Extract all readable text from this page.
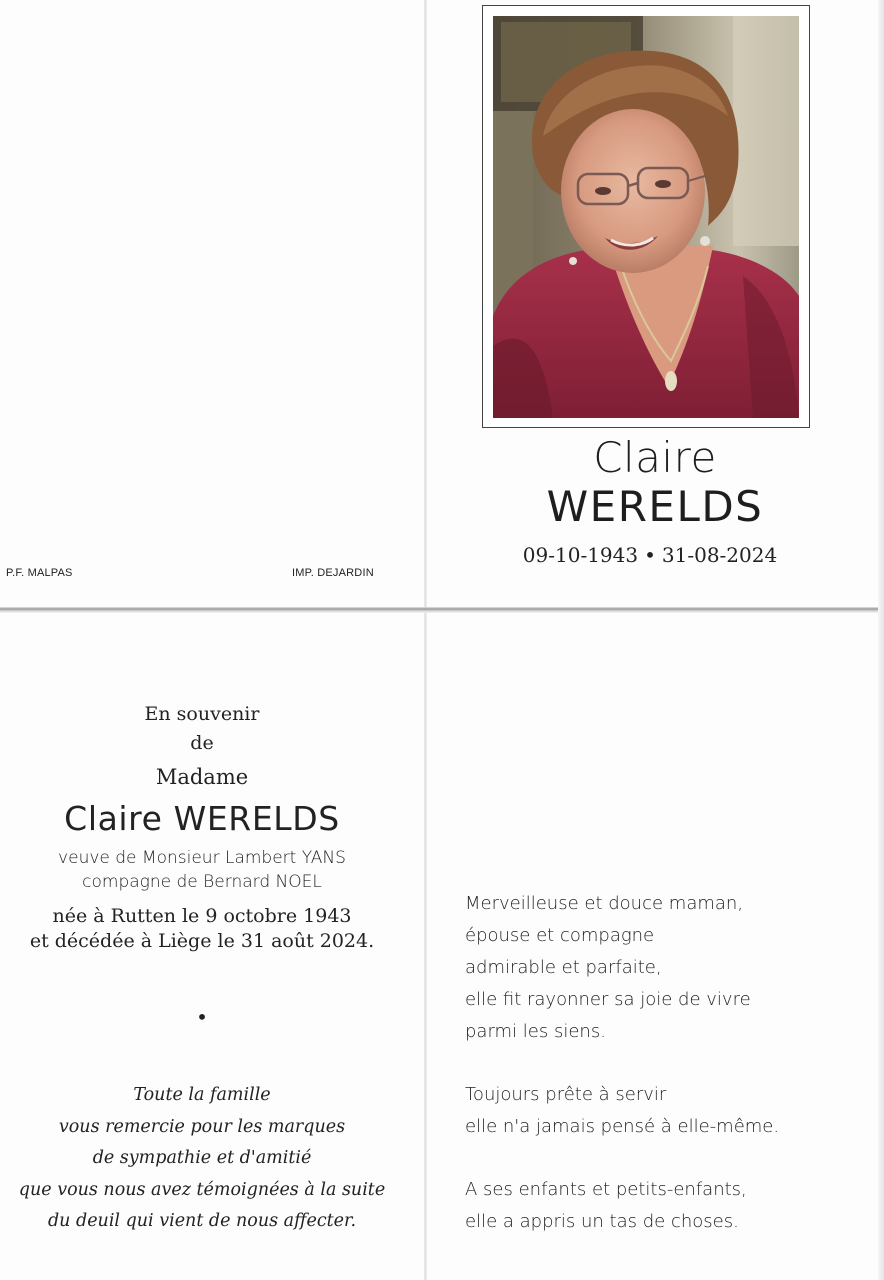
P.F. MALPAS	IMP. DEJARDIN
Claire
WERELDS
09-10-1943 • 31-08-2024
En souvenir
de
Madame
Claire WERELDS
veuve de Monsieur Lambert YANS
compagne de Bernard NOEL
née à Rutten le 9 octobre 1943
et décédée à Liège le 31 août 2024.
•
Toute la famille
vous remercie pour les marques
de sympathie et d'amitié
que vous nous avez témoignées à la suite
du deuil qui vient de nous affecter.
Merveilleuse et douce maman,
épouse et compagne
admirable et parfaite,
elle fit rayonner sa joie de vivre
parmi les siens.
Toujours prête à servir
elle n'a jamais pensé à elle-même.
A ses enfants et petits-enfants,
elle a appris un tas de choses.
